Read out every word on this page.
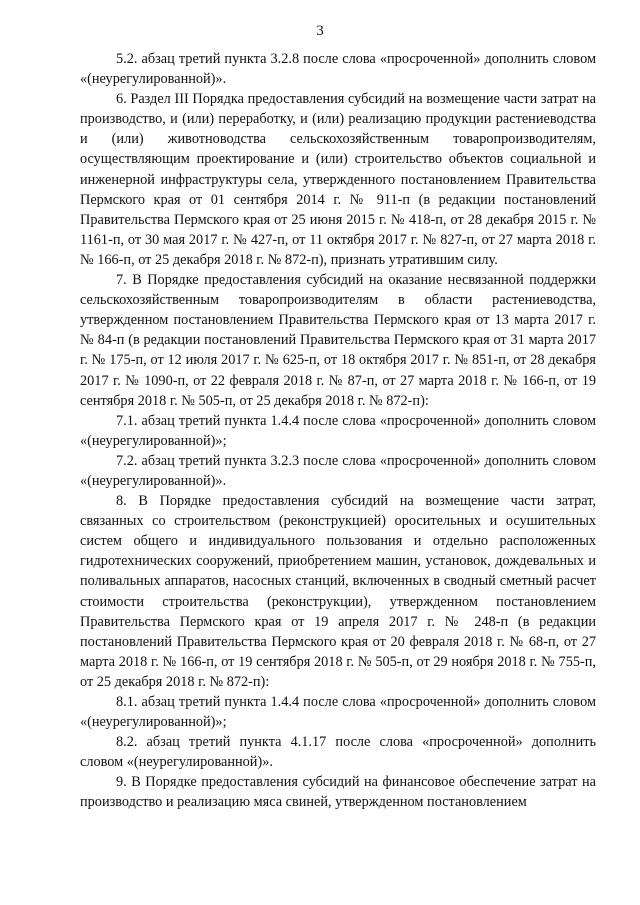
3

5.2. абзац третий пункта 3.2.8 после слова «просроченной» дополнить словом «(неурегулированной)».

6. Раздел III Порядка предоставления субсидий на возмещение части затрат на производство, и (или) переработку, и (или) реализацию продукции растениеводства и (или) животноводства сельскохозяйственным товаропроизводителям, осуществляющим проектирование и (или) строительство объектов социальной и инженерной инфраструктуры села, утвержденного постановлением Правительства Пермского края от 01 сентября 2014 г. № 911-п (в редакции постановлений Правительства Пермского края от 25 июня 2015 г. № 418-п, от 28 декабря 2015 г. № 1161-п, от 30 мая 2017 г. № 427-п, от 11 октября 2017 г. № 827-п, от 27 марта 2018 г. № 166-п, от 25 декабря 2018 г. № 872-п), признать утратившим силу.

7. В Порядке предоставления субсидий на оказание несвязанной поддержки сельскохозяйственным товаропроизводителям в области растениеводства, утвержденном постановлением Правительства Пермского края от 13 марта 2017 г. № 84-п (в редакции постановлений Правительства Пермского края от 31 марта 2017 г. № 175-п, от 12 июля 2017 г. № 625-п, от 18 октября 2017 г. № 851-п, от 28 декабря 2017 г. № 1090-п, от 22 февраля 2018 г. № 87-п, от 27 марта 2018 г. № 166-п, от 19 сентября 2018 г. № 505-п, от 25 декабря 2018 г. № 872-п):

7.1. абзац третий пункта 1.4.4 после слова «просроченной» дополнить словом «(неурегулированной)»;

7.2. абзац третий пункта 3.2.3 после слова «просроченной» дополнить словом «(неурегулированной)».

8. В Порядке предоставления субсидий на возмещение части затрат, связанных со строительством (реконструкцией) оросительных и осушительных систем общего и индивидуального пользования и отдельно расположенных гидротехнических сооружений, приобретением машин, установок, дождевальных и поливальных аппаратов, насосных станций, включенных в сводный сметный расчет стоимости строительства (реконструкции), утвержденном постановлением Правительства Пермского края от 19 апреля 2017 г. № 248-п (в редакции постановлений Правительства Пермского края от 20 февраля 2018 г. № 68-п, от 27 марта 2018 г. № 166-п, от 19 сентября 2018 г. № 505-п, от 29 ноября 2018 г. № 755-п, от 25 декабря 2018 г. № 872-п):

8.1. абзац третий пункта 1.4.4 после слова «просроченной» дополнить словом «(неурегулированной)»;

8.2. абзац третий пункта 4.1.17 после слова «просроченной» дополнить словом «(неурегулированной)».

9. В Порядке предоставления субсидий на финансовое обеспечение затрат на производство и реализацию мяса свиней, утвержденном постановлением
